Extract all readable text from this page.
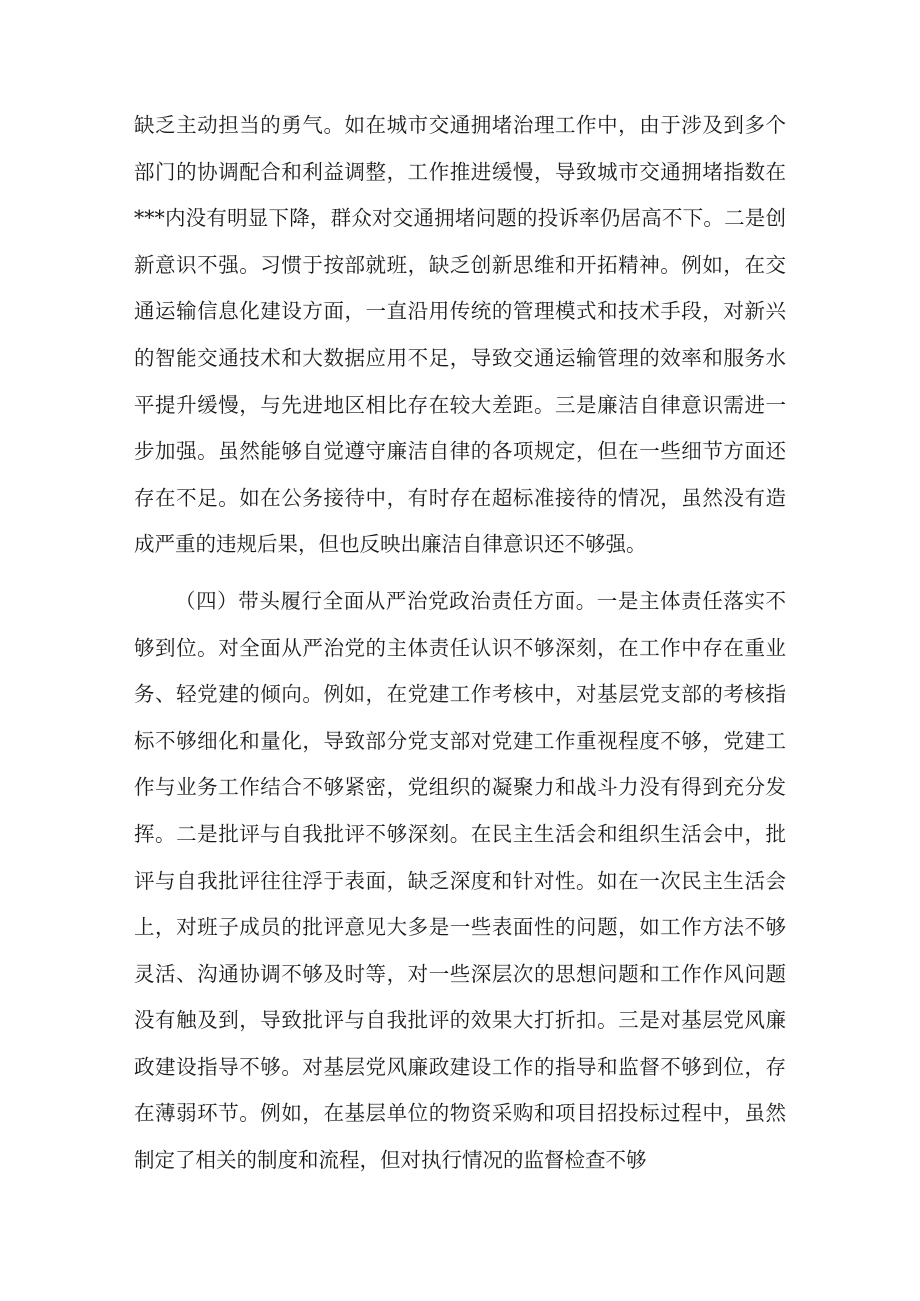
缺乏主动担当的勇气。如在城市交通拥堵治理工作中，由于涉及到多个部门的协调配合和利益调整，工作推进缓慢，导致城市交通拥堵指数在***内没有明显下降，群众对交通拥堵问题的投诉率仍居高不下。二是创新意识不强。习惯于按部就班，缺乏创新思维和开拓精神。例如，在交通运输信息化建设方面，一直沿用传统的管理模式和技术手段，对新兴的智能交通技术和大数据应用不足，导致交通运输管理的效率和服务水平提升缓慢，与先进地区相比存在较大差距。三是廉洁自律意识需进一步加强。虽然能够自觉遵守廉洁自律的各项规定，但在一些细节方面还存在不足。如在公务接待中，有时存在超标准接待的情况，虽然没有造成严重的违规后果，但也反映出廉洁自律意识还不够强。

（四）带头履行全面从严治党政治责任方面。一是主体责任落实不够到位。对全面从严治党的主体责任认识不够深刻，在工作中存在重业务、轻党建的倾向。例如，在党建工作考核中，对基层党支部的考核指标不够细化和量化，导致部分党支部对党建工作重视程度不够，党建工作与业务工作结合不够紧密，党组织的凝聚力和战斗力没有得到充分发挥。二是批评与自我批评不够深刻。在民主生活会和组织生活会中，批评与自我批评往往浮于表面，缺乏深度和针对性。如在一次民主生活会上，对班子成员的批评意见大多是一些表面性的问题，如工作方法不够灵活、沟通协调不够及时等，对一些深层次的思想问题和工作作风问题没有触及到，导致批评与自我批评的效果大打折扣。三是对基层党风廉政建设指导不够。对基层党风廉政建设工作的指导和监督不够到位，存在薄弱环节。例如，在基层单位的物资采购和项目招投标过程中，虽然制定了相关的制度和流程，但对执行情况的监督检查不够
